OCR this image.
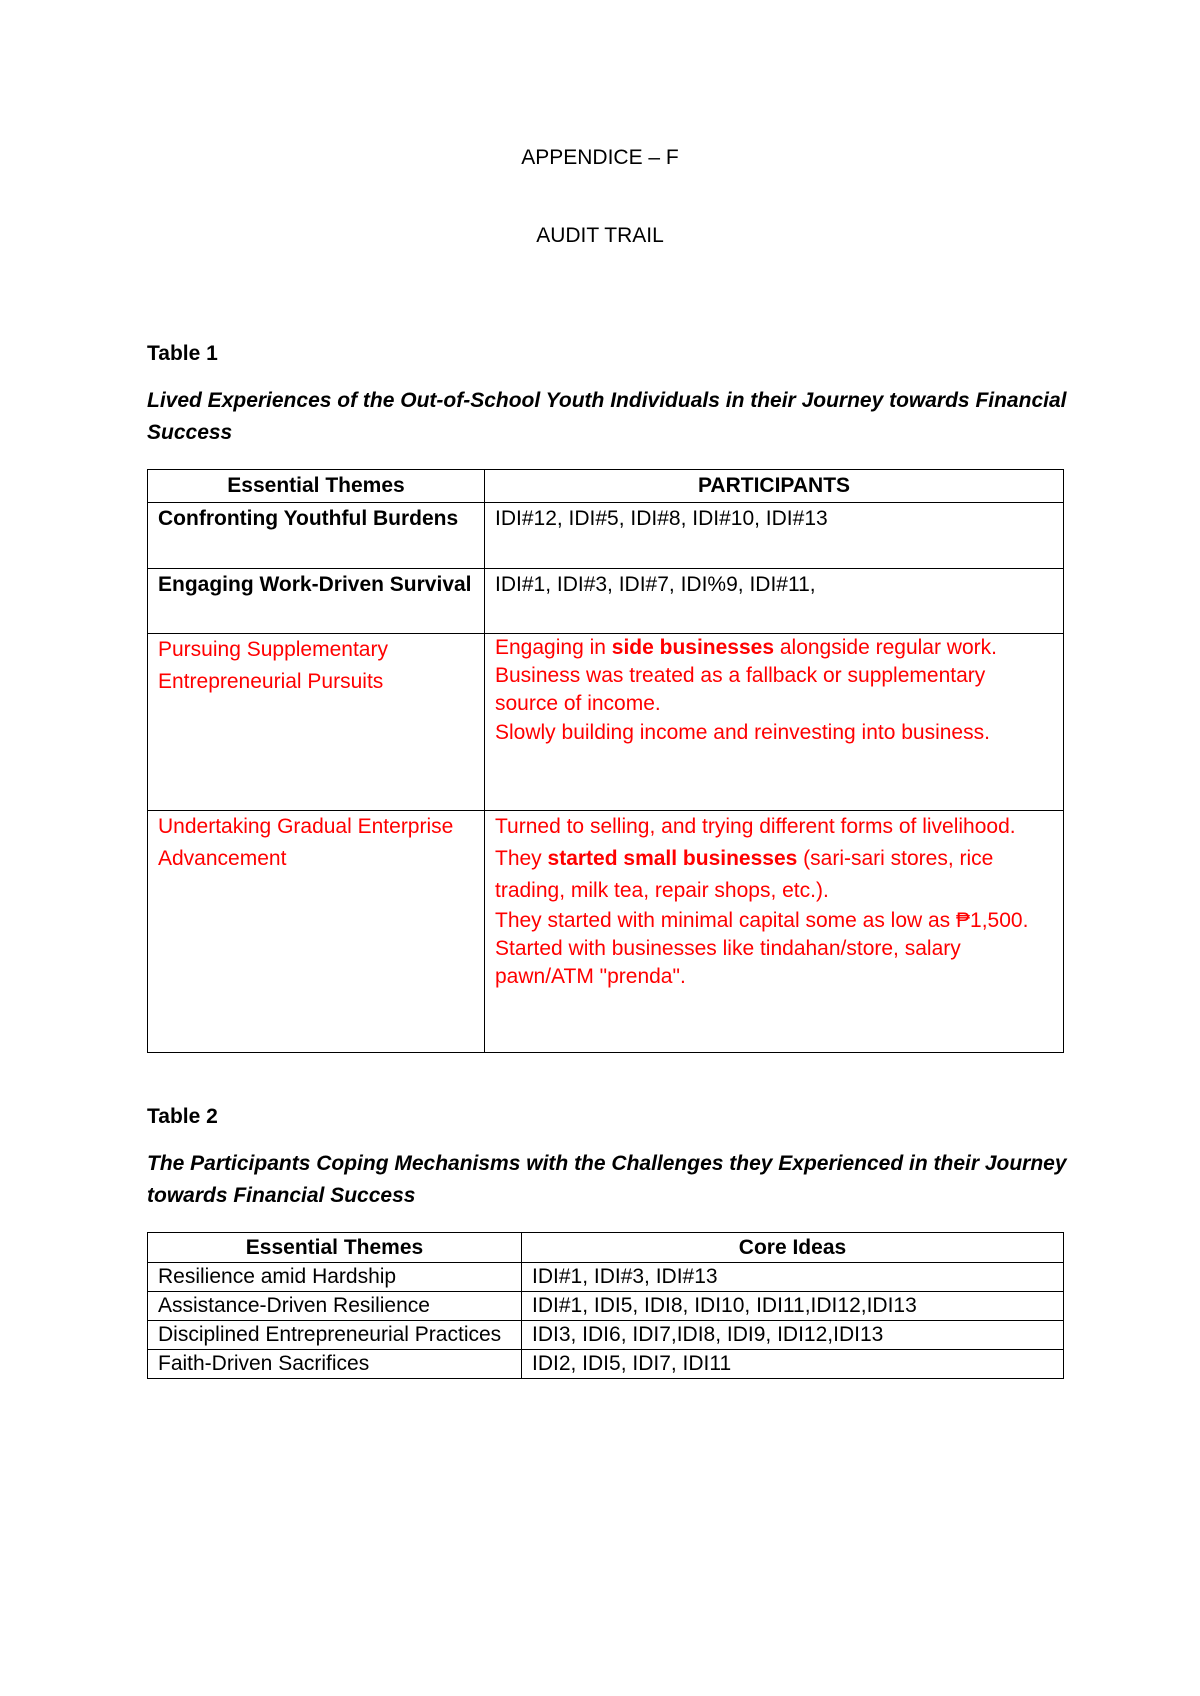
APPENDICE – F
AUDIT TRAIL
Table 1
Lived Experiences of the Out-of-School Youth Individuals in their Journey towards Financial Success
Essential Themes	PARTICIPANTS
Confronting Youthful Burdens	IDI#12, IDI#5, IDI#8, IDI#10, IDI#13
Engaging Work-Driven Survival	IDI#1, IDI#3, IDI#7, IDI%9, IDI#11,
Pursuing Supplementary Entrepreneurial Pursuits	Engaging in side businesses alongside regular work.
Business was treated as a fallback or supplementary source of income.
Slowly building income and reinvesting into business.

Undertaking Gradual Enterprise Advancement	Turned to selling, and trying different forms of livelihood.
They started small businesses (sari-sari stores, rice trading, milk tea, repair shops, etc.).
They started with minimal capital some as low as ₱1,500.
Started with businesses like tindahan/store, salary pawn/ATM "prenda".
Table 2
The Participants Coping Mechanisms with the Challenges they Experienced in their Journey towards Financial Success
Essential Themes	Core Ideas
Resilience amid Hardship	IDI#1, IDI#3, IDI#13
Assistance-Driven Resilience	IDI#1, IDI5, IDI8, IDI10, IDI11,IDI12,IDI13
Disciplined Entrepreneurial Practices	IDI3, IDI6, IDI7,IDI8, IDI9, IDI12,IDI13
Faith-Driven Sacrifices	IDI2, IDI5, IDI7, IDI11
